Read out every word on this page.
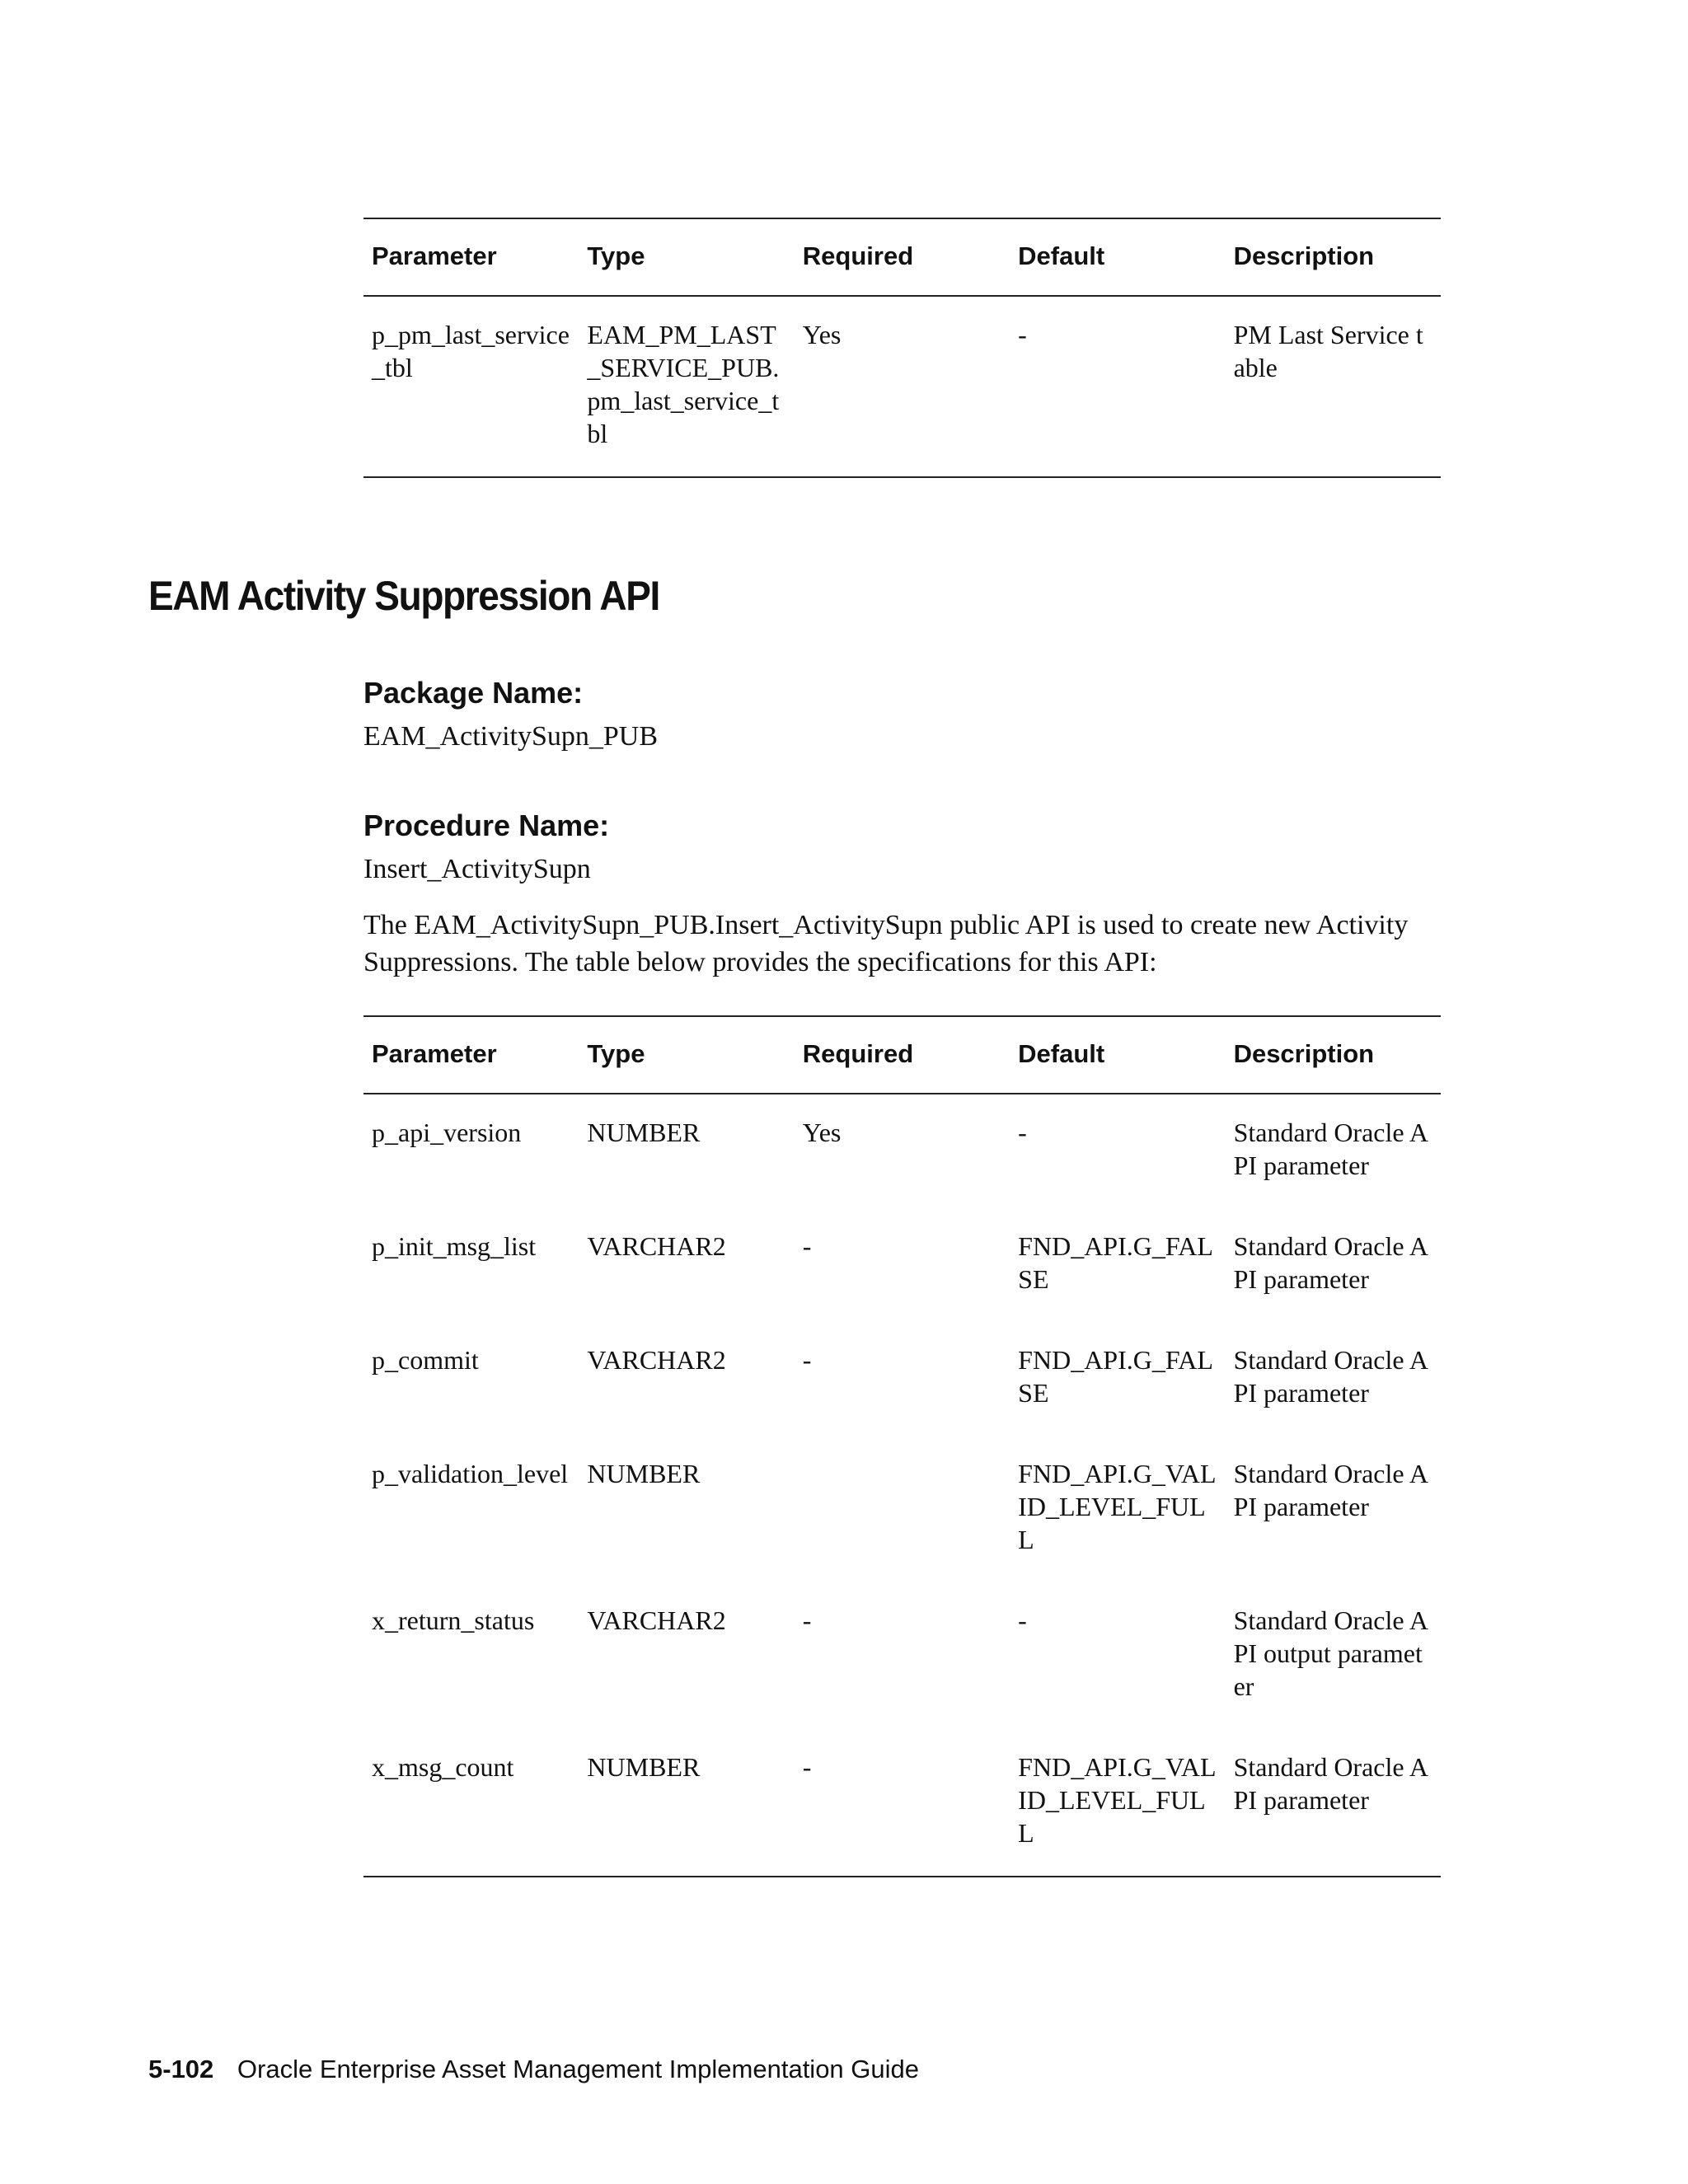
Parameter	Type	Required	Default	Description
p_pm_last_service_tbl	EAM_PM_LAST_SERVICE_PUB.pm_last_service_tbl	Yes	-	PM Last Service table
EAM Activity Suppression API
Package Name:

EAM_ActivitySupn_PUB

Procedure Name:

Insert_ActivitySupn

The EAM_ActivitySupn_PUB.Insert_ActivitySupn public API is used to create new Activity Suppressions. The table below provides the specifications for this API:

Parameter	Type	Required	Default	Description
p_api_version	NUMBER	Yes	-	Standard Oracle API parameter
p_init_msg_list	VARCHAR2	-	FND_API.G_FALSE	Standard Oracle API parameter
p_commit	VARCHAR2	-	FND_API.G_FALSE	Standard Oracle API parameter
p_validation_level	NUMBER		FND_API.G_VALID_LEVEL_FULL	Standard Oracle API parameter
x_return_status	VARCHAR2	-	-	Standard Oracle API output parameter
x_msg_count	NUMBER	-	FND_API.G_VALID_LEVEL_FULL	Standard Oracle API parameter
5-102 Oracle Enterprise Asset Management Implementation Guide
